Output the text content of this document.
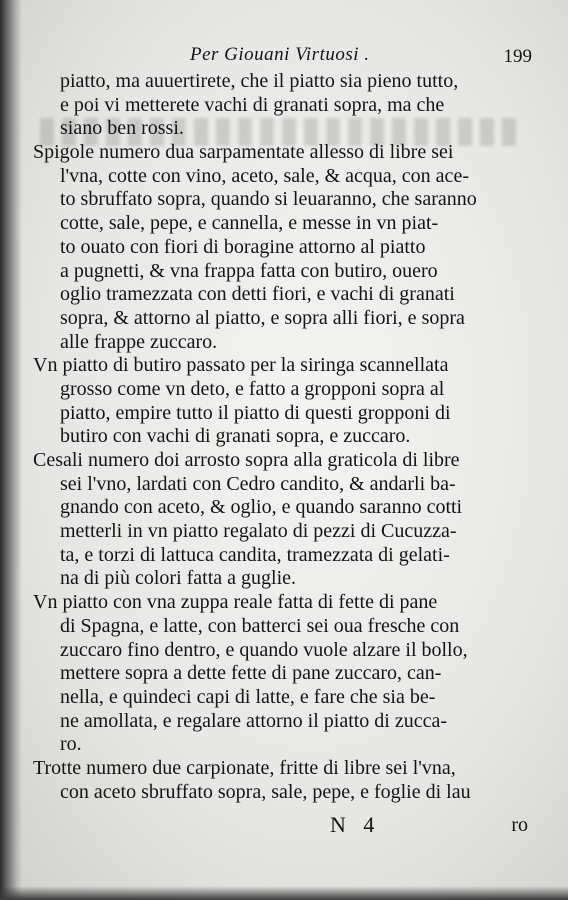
Per Giouani Virtuosi .	199
piatto, ma auuertirete, che il piatto sia pieno tutto,
e poi vi metterete vachi di granati sopra, ma che
siano ben rossi.
Spigole numero dua sarpamentate allesso di libre sei
l'vna, cotte con vino, aceto, sale, & acqua, con ace-
to sbruffato sopra, quando si leuaranno, che saranno
cotte, sale, pepe, e cannella, e messe in vn piat-
to ouato con fiori di boragine attorno al piatto
a pugnetti, & vna frappa fatta con butiro, ouero
oglio tramezzata con detti fiori, e vachi di granati
sopra, & attorno al piatto, e sopra alli fiori, e sopra
alle frappe zuccaro.
Vn piatto di butiro passato per la siringa scannellata
grosso come vn deto, e fatto a gropponi sopra al
piatto, empire tutto il piatto di questi gropponi di
butiro con vachi di granati sopra, e zuccaro.
Cesali numero doi arrosto sopra alla graticola di libre
sei l'vno, lardati con Cedro candito, & andarli ba-
gnando con aceto, & oglio, e quando saranno cotti
metterli in vn piatto regalato di pezzi di Cucuzza-
ta, e torzi di lattuca candita, tramezzata di gelati-
na di più colori fatta a guglie.
Vn piatto con vna zuppa reale fatta di fette di pane
di Spagna, e latte, con batterci sei oua fresche con
zuccaro fino dentro, e quando vuole alzare il bollo,
mettere sopra a dette fette di pane zuccaro, can-
nella, e quindeci capi di latte, e fare che sia be-
ne amollata, e regalare attorno il piatto di zucca-
ro.
Trotte numero due carpionate, fritte di libre sei l'vna,
con aceto sbruffato sopra, sale, pepe, e foglie di lau
N 4	ro
